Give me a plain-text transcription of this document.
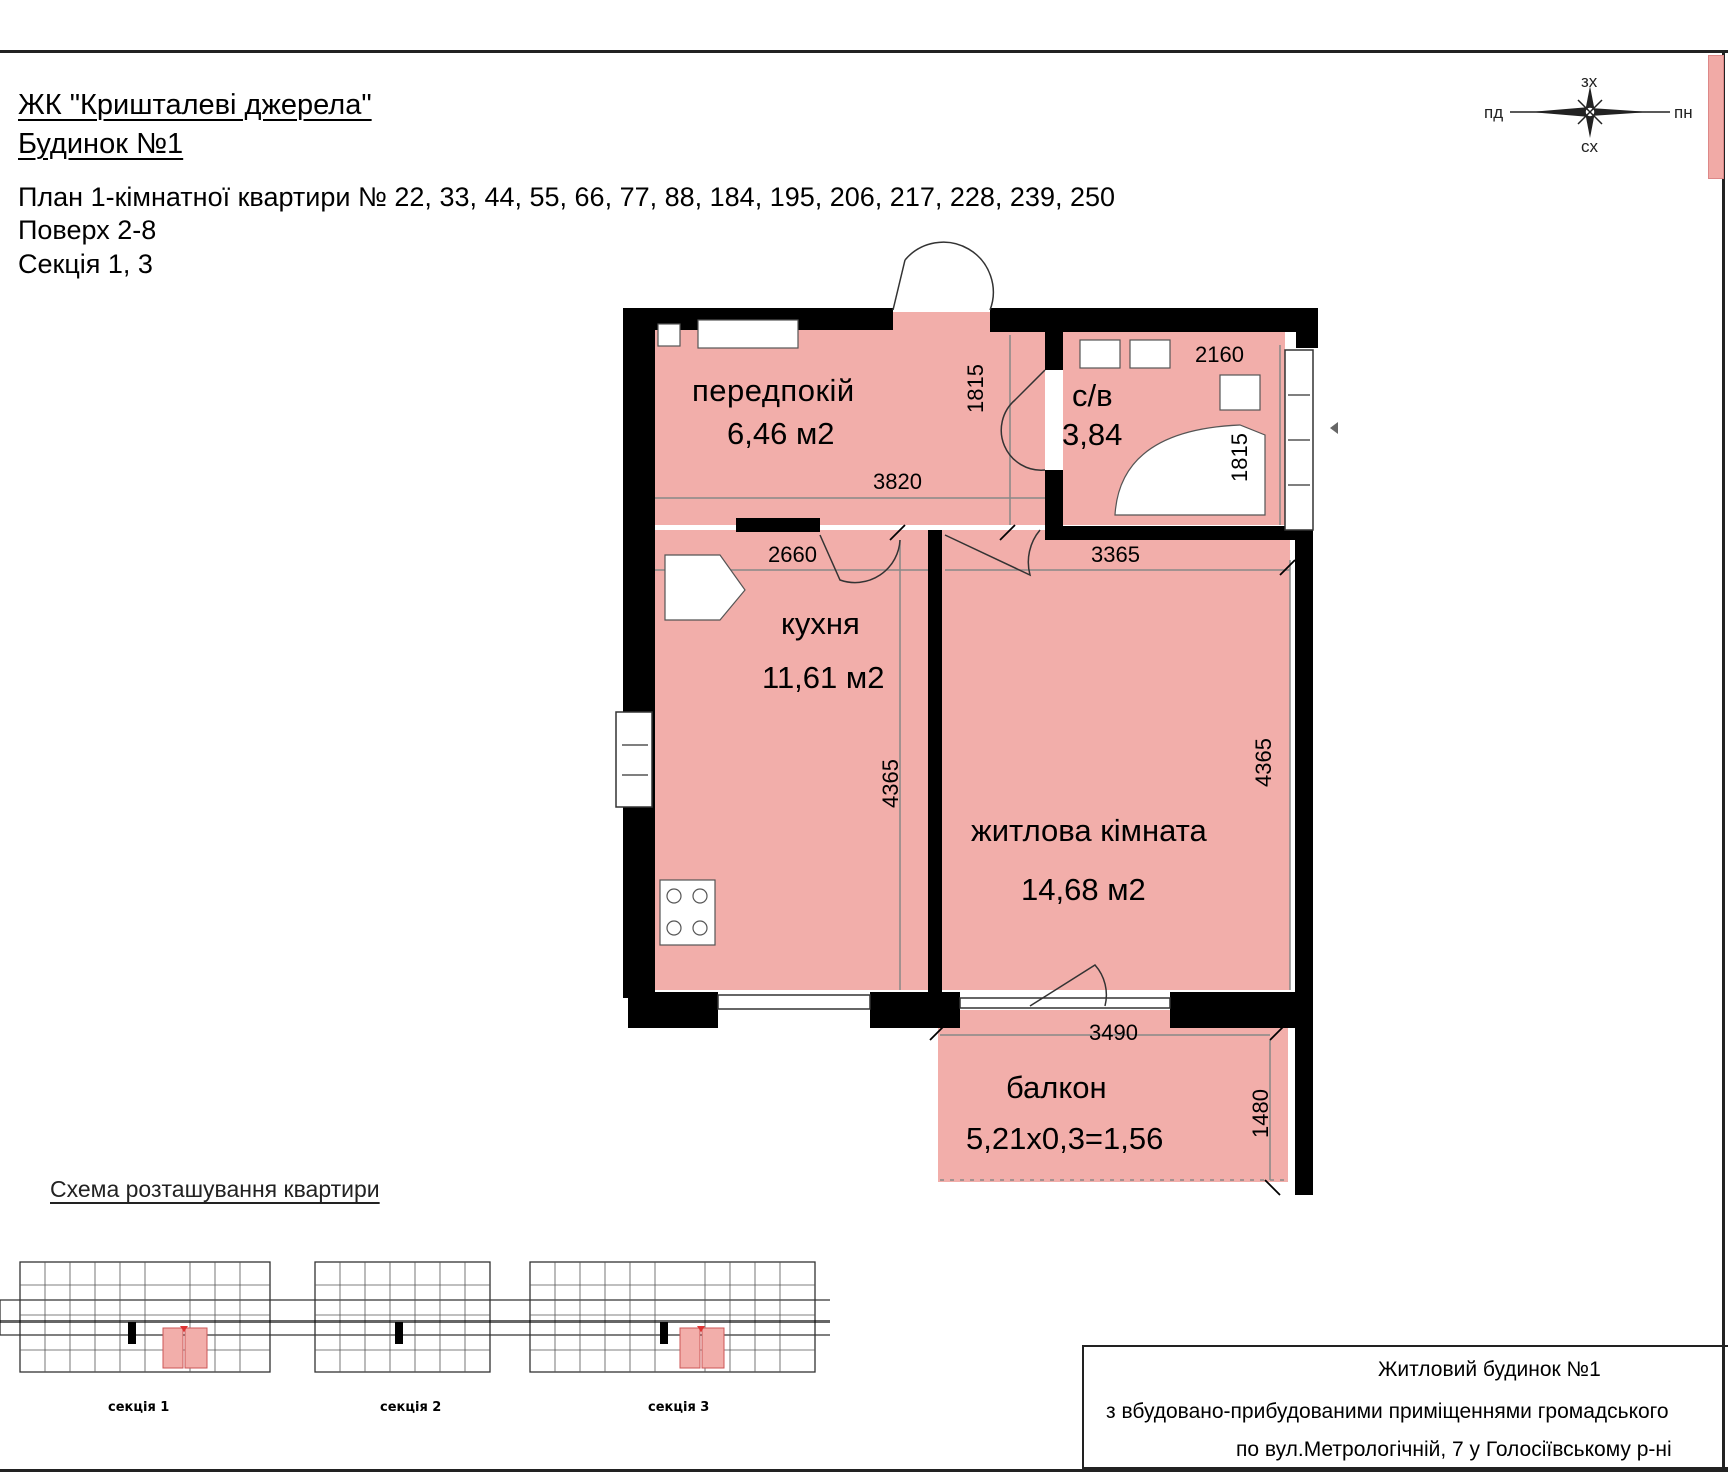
ЖК "Кришталеві джерела"
Будинок №1
План 1-кімнатної квартири № 22, 33, 44, 55, 66, 77, 88, 184, 195, 206, 217, 228, 239, 250
Поверх 2-8
Секція 1, 3
зх
сх
пд	пн
передпокій
6,46 м2
с/в
3,84
кухня
11,61 м2
житлова кімната
14,68 м2
балкон
5,21х0,3=1,56
3820
1815
2160
1815
2660
4365
3365
4365
3490
1480
Схема розташування квартири
секція 1	секція 2	секція 3
Житловий будинок №1
з вбудовано-прибудованими приміщеннями громадського
по вул.Метрологічній, 7 у Голосіївському р-ні
